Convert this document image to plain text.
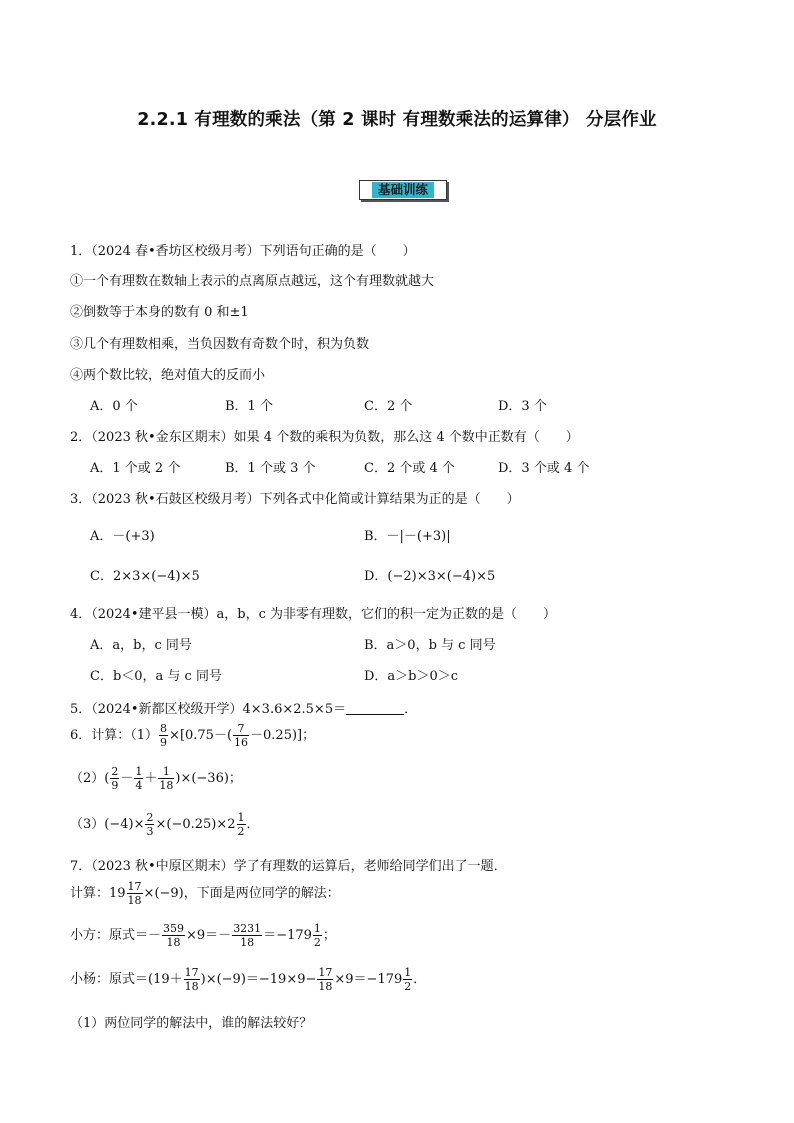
2.2.1 有理数的乘法（第 2 课时 有理数乘法的运算律） 分层作业
基础训练
1．（2024 春•香坊区校级月考）下列语句正确的是（　　）
①一个有理数在数轴上表示的点离原点越远，这个有理数就越大
②倒数等于本身的数有 0 和±1
③几个有理数相乘，当负因数有奇数个时，积为负数
④两个数比较，绝对值大的反而小
A．0 个	B．1 个	C．2 个	D．3 个
2．（2023 秋•金东区期末）如果 4 个数的乘积为负数，那么这 4 个数中正数有（　　）
A．1 个或 2 个	B．1 个或 3 个	C．2 个或 4 个	D．3 个或 4 个
3．（2023 秋•石鼓区校级月考）下列各式中化简或计算结果为正的是（　　）
A．－(+3)	B．－|－(+3)|
C．2×3×(−4)×5	D．(−2)×3×(−4)×5
4．（2024•建平县一模）a，b，c 为非零有理数，它们的积一定为正数的是（　　）
A．a，b，c 同号	B．a＞0，b 与 c 同号
C．b＜0，a 与 c 同号	D．a＞b＞0＞c
5．（2024•新都区校级开学）4×3.6×2.5×5＝	．
6．计算：$(1) \frac{8}{9} \times[0.75-( \frac{7}{16} -0.25)]$；
$(2)( \frac{2}{9} - \frac{1}{4} + \frac{1}{18} )\times(-36)$；
$(3)(-4)\times \frac{2}{3} \times(-0.25)\times 2 \frac{1}{2}$ ．
7．（2023 秋•中原区期末）学了有理数的运算后，老师给同学们出了一题．
计算：$19 \frac{17}{18} \times(-9)$，下面是两位同学的解法：
小方：原式＝－ $\frac{359}{18} \times 9=- \frac{3231}{18} =-179 \frac{1}{2}$ ；
小杨：原式$=(19+ \frac{17}{18} )\times(-9)=-19\times 9- \frac{17}{18} \times 9=-179 \frac{1}{2}$ ．
（1）两位同学的解法中，谁的解法较好？
